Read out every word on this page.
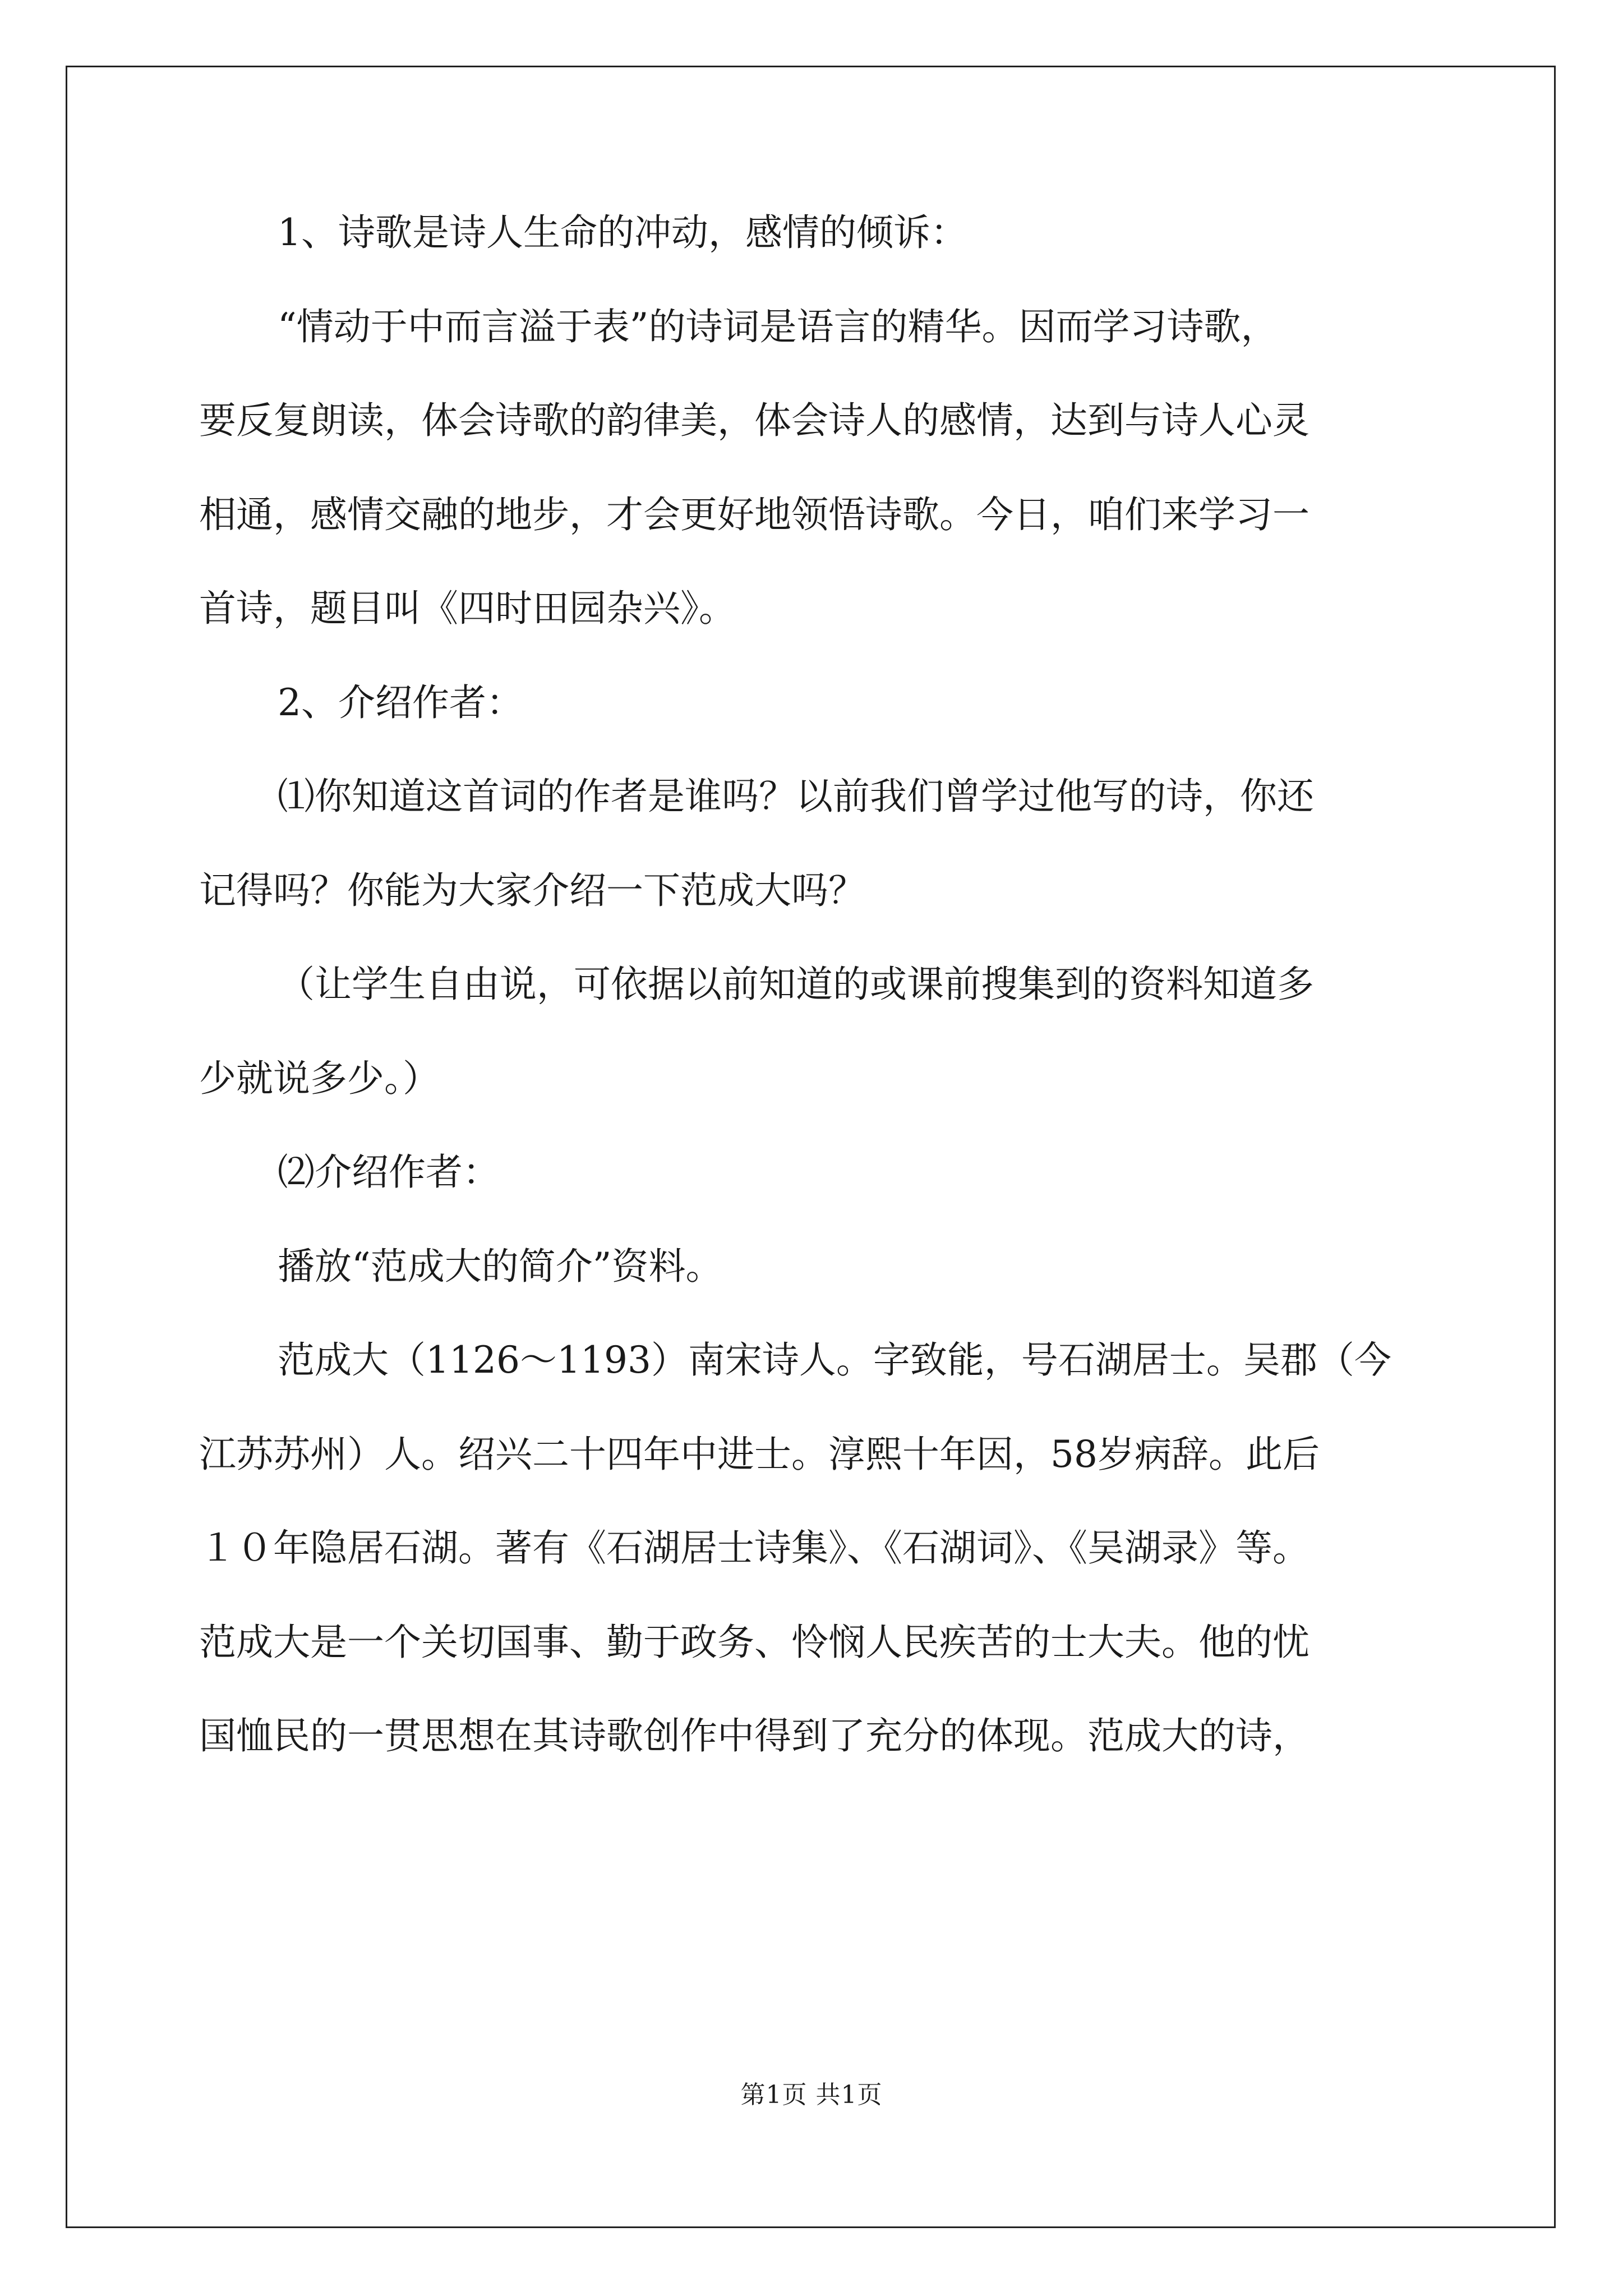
1、诗歌是诗人生命的冲动，感情的倾诉：
“情动于中而言溢于表”的诗词是语言的精华。因而学习诗歌，
要反复朗读，体会诗歌的韵律美，体会诗人的感情，达到与诗人心灵
相通，感情交融的地步，才会更好地领悟诗歌。今日，咱们来学习一
首诗，题目叫《四时田园杂兴》。
2、介绍作者：
⑴你知道这首词的作者是谁吗？以前我们曾学过他写的诗，你还
记得吗？你能为大家介绍一下范成大吗？
（让学生自由说，可依据以前知道的或课前搜集到的资料知道多
少就说多少。）
⑵介绍作者：
播放“范成大的简介”资料。
范成大（1126～1193）南宋诗人。字致能，号石湖居士。吴郡（今
江苏苏州）人。绍兴二十四年中进士。淳熙十年因，58岁病辞。此后
１０年隐居石湖。著有《石湖居士诗集》、《石湖词》、《吴湖录》等。
范成大是一个关切国事、勤于政务、怜悯人民疾苦的士大夫。他的忧
国恤民的一贯思想在其诗歌创作中得到了充分的体现。范成大的诗，
第1页 共1页
